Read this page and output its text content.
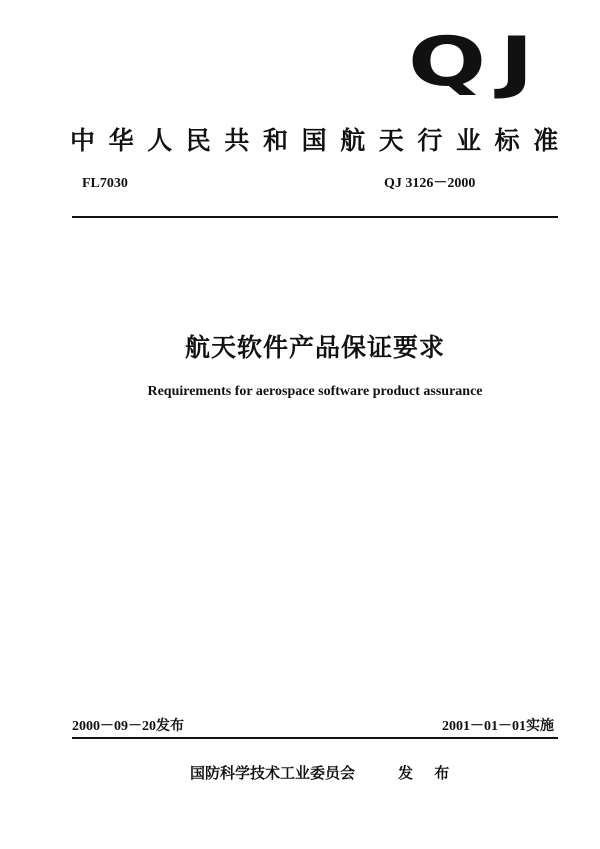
QJ
中华人民共和国航天行业标准
FL7030	QJ 3126－2000
航天软件产品保证要求
Requirements for aerospace software product assurance
2000－09－20发布	2001－01－01实施
国防科学技术工业委员会	发 布
